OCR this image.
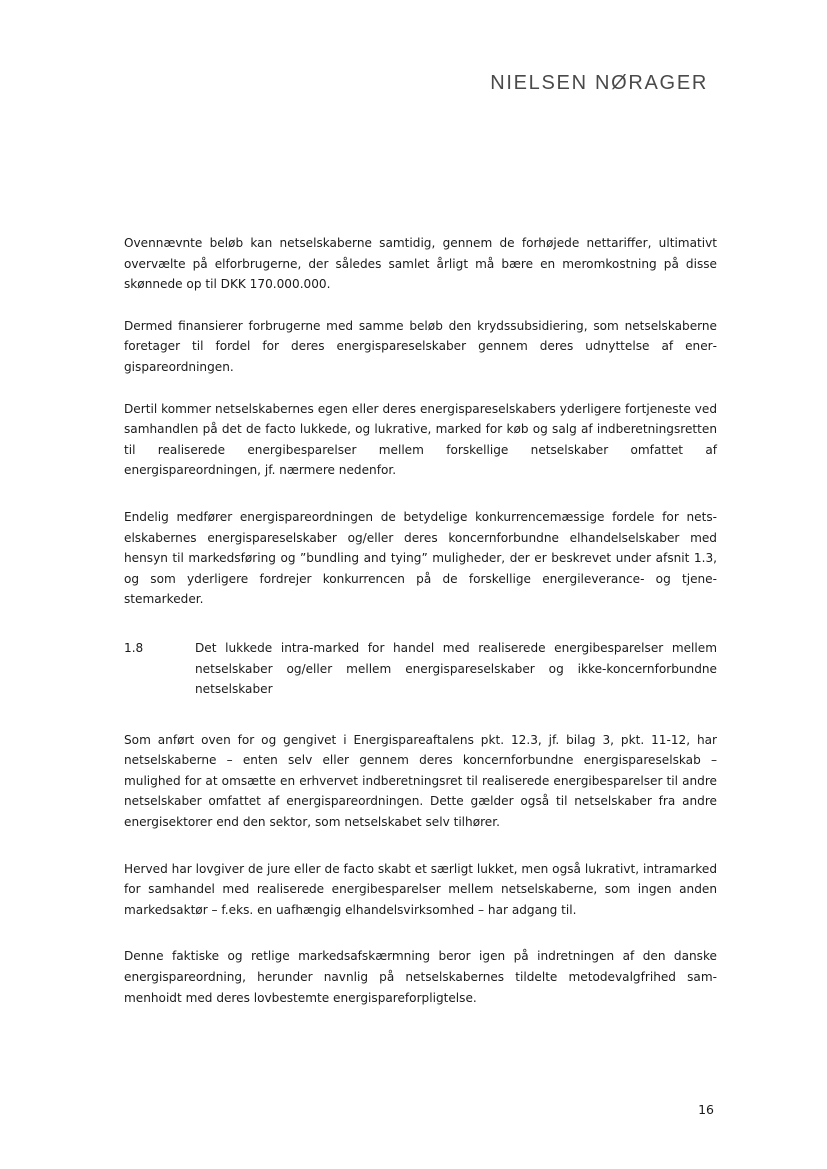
NIELSEN NØRAGER

Ovennævnte beløb kan netselskaberne samtidig, gennem de forhøjede nettariffer, ultimativt overvælte på elforbrugerne, der således samlet årligt må bære en meromkostning på disse skønnede op til DKK 170.000.000.

Dermed finansierer forbrugerne med samme beløb den krydssubsidiering, som netselskaberne foretager til fordel for deres energispareselskaber gennem deres udnyttelse af energispareordningen.

Dertil kommer netselskabernes egen eller deres energispareselskabers yderligere fortjeneste ved samhandlen på det de facto lukkede, og lukrative, marked for køb og salg af indberetningsretten til realiserede energibesparelser mellem forskellige netselskaber omfattet af energispareordningen, jf. nærmere nedenfor.

Endelig medfører energispareordningen de betydelige konkurrencemæssige fordele for netselskabernes energispareselskaber og/eller deres koncernforbundne elhandelselskaber med hensyn til markedsføring og ”bundling and tying” muligheder, der er beskrevet under afsnit 1.3, og som yderligere fordrejer konkurrencen på de forskellige energileverance- og tjenestemarkeder.

1.8	Det lukkede intra-marked for handel med realiserede energibesparelser mellem netselskaber og/eller mellem energispareselskaber og ikke-koncernforbundne netselskaber

Som anført oven for og gengivet i Energispareaftalens pkt. 12.3, jf. bilag 3, pkt. 11-12, har netselskaberne – enten selv eller gennem deres koncernforbundne energispareselskab – mulighed for at omsætte en erhvervet indberetningsret til realiserede energibesparelser til andre netselskaber omfattet af energispareordningen. Dette gælder også til netselskaber fra andre energisektorer end den sektor, som netselskabet selv tilhører.

Herved har lovgiver de jure eller de facto skabt et særligt lukket, men også lukrativt, intramarked for samhandel med realiserede energibesparelser mellem netselskaberne, som ingen anden markedsaktør – f.eks. en uafhængig elhandelsvirksomhed – har adgang til.

Denne faktiske og retlige markedsafskærmning beror igen på indretningen af den danske energispareordning, herunder navnlig på netselskabernes tildelte metodevalgfrihed sammenhoidt med deres lovbestemte energispareforpligtelse.

16
